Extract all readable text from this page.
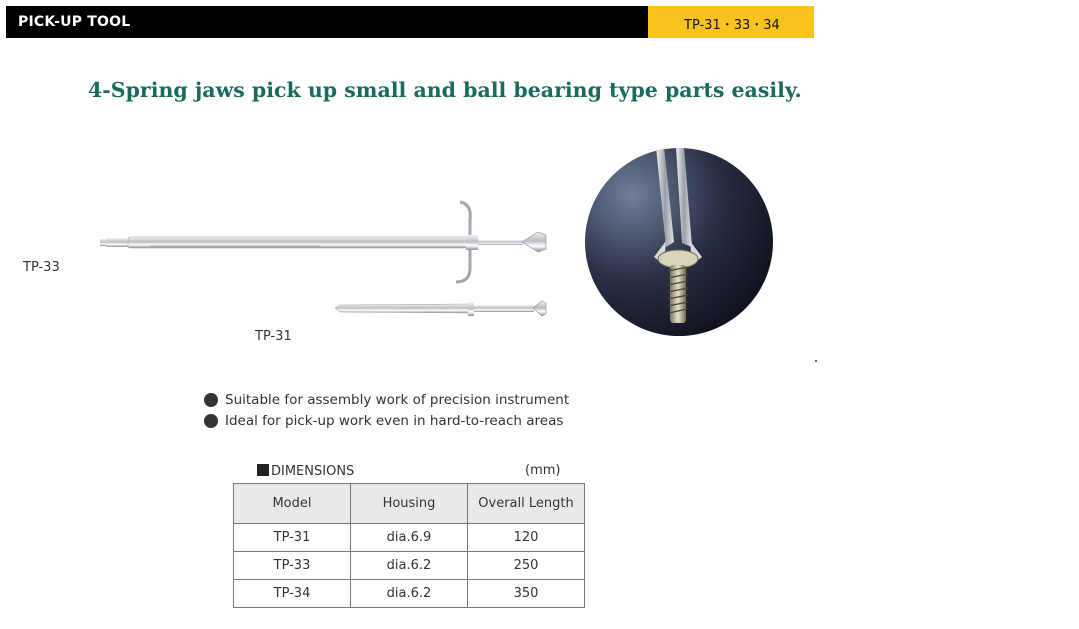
PICK-UP TOOL	TP-31・33・34
4-Spring jaws pick up small and ball bearing type parts easily.
TP-33
TP-31
Suitable for assembly work of precision instrument
Ideal for pick-up work even in hard-to-reach areas
DIMENSIONS	(mm)
Model	Housing	Overall Length
TP-31	dia.6.9	120
TP-33	dia.6.2	250
TP-34	dia.6.2	350
